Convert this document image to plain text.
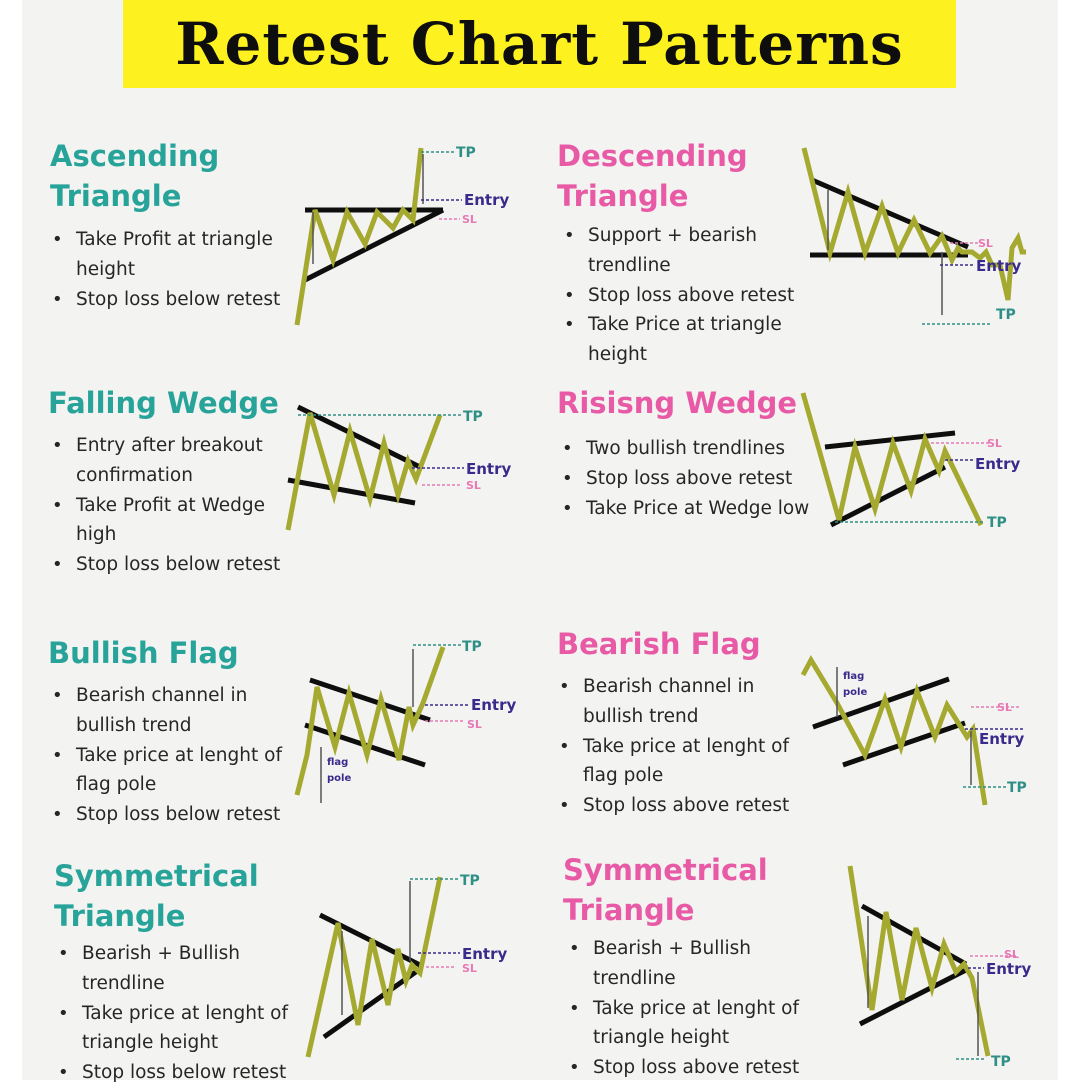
Retest Chart Patterns
Ascending
Triangle
• Take Profit at triangle height
• Stop loss below retest
TP
Entry
SL
Descending
Triangle
• Support + bearish trendline
• Stop loss above retest
• Take Price at triangle height
SL
Entry
TP
Falling Wedge
• Entry after breakout confirmation
• Take Profit at Wedge high
• Stop loss below retest
TP
Entry
SL
Risisng Wedge
• Two bullish trendlines
• Stop loss above retest
• Take Price at Wedge low
SL
Entry
TP
Bullish Flag
• Bearish channel in bullish trend
• Take price at lenght of flag pole
• Stop loss below retest
flag
pole
TP
Entry
SL
Bearish Flag
• Bearish channel in bullish trend
• Take price at lenght of flag pole
• Stop loss above retest
flag
pole
SL
Entry
TP
Symmetrical
Triangle
• Bearish + Bullish trendline
• Take price at lenght of triangle height
• Stop loss below retest
TP
Entry
SL
Symmetrical
Triangle
• Bearish + Bullish trendline
• Take price at lenght of triangle height
• Stop loss above retest
SL
Entry
TP
